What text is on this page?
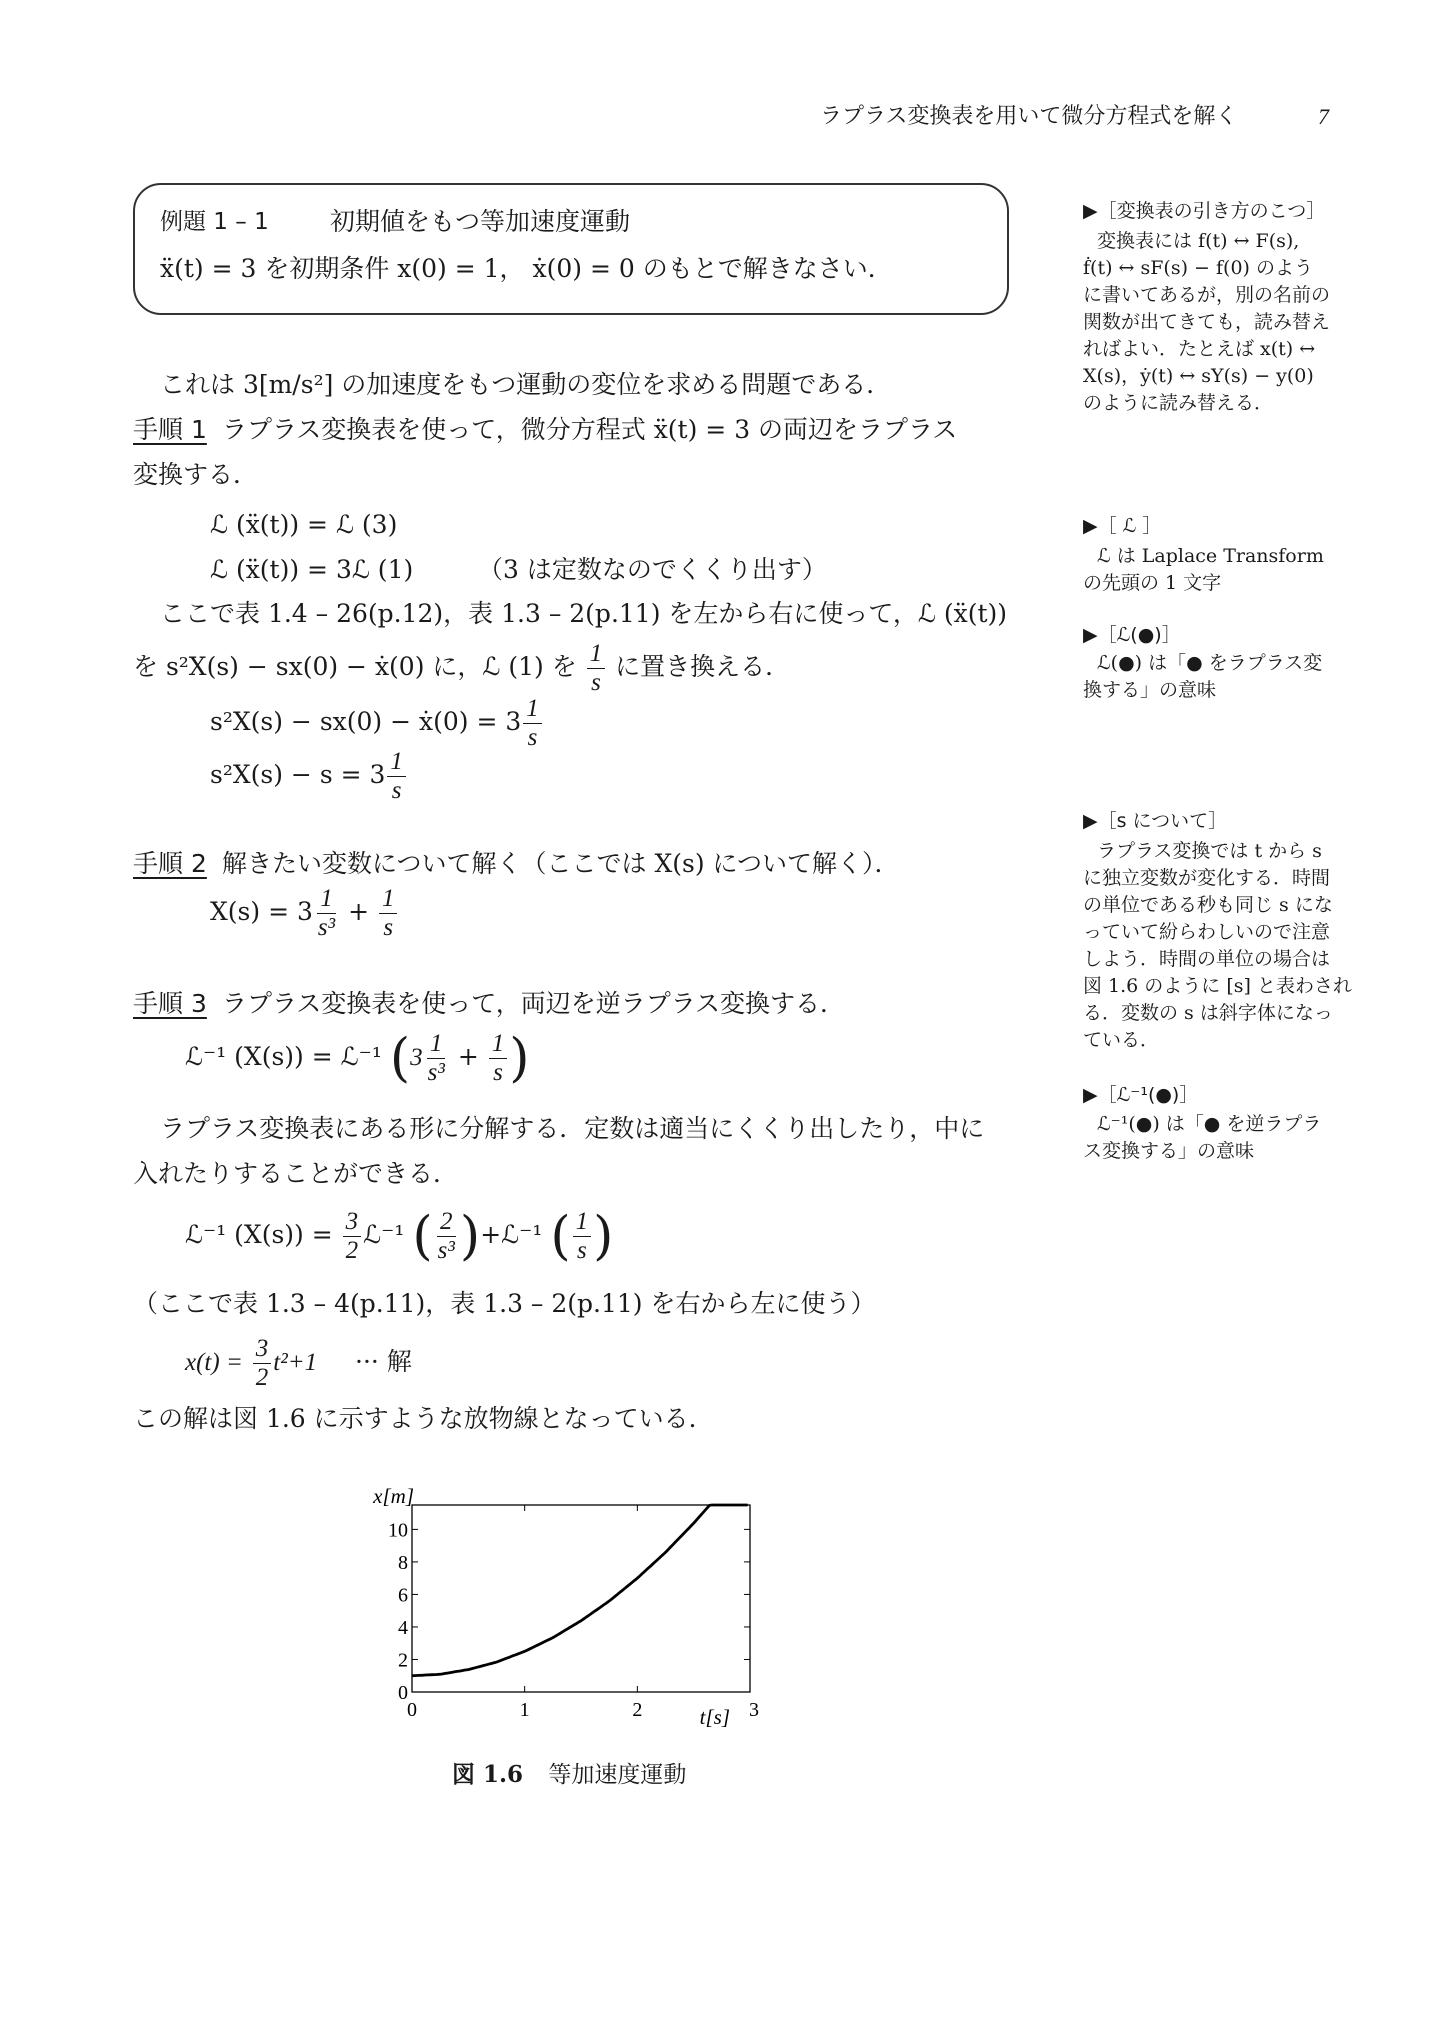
ラプラス変換表を用いて微分方程式を解く	7
例題 1 – 1 初期値をもつ等加速度運動
ẍ(t) = 3 を初期条件 x(0) = 1， ẋ(0) = 0 のもとで解きなさい．
これは 3[m/s²] の加速度をもつ運動の変位を求める問題である．
手順 1 ラプラス変換表を使って，微分方程式 ẍ(t) = 3 の両辺をラプラス
変換する．
ℒ (ẍ(t)) = ℒ (3)
ℒ (ẍ(t)) = 3ℒ (1)	（3 は定数なのでくくり出す）
ここで表 1.4 – 26(p.12)，表 1.3 – 2(p.11) を左から右に使って，ℒ (ẍ(t))
を s²X(s) − sx(0) − ẋ(0) に，ℒ (1) を $\frac{1}{s}$ に置き換える．
s²X(s) − sx(0) − ẋ(0) = $3 \frac{1}{s}$
$s^2X(s) - s = 3 \frac{1}{s}$
手順 2 解きたい変数について解く（ここでは X(s) について解く）．
$X(s) = 3 \frac{1}{\text{s³}} + \frac{1}{s}$
手順 3 ラプラス変換表を使って，両辺を逆ラプラス変換する．
ℒ⁻¹ (X(s)) = ℒ⁻¹ ($3 \frac{1}{\text{s³}} + \frac{1}{s}$ )
ラプラス変換表にある形に分解する．定数は適当にくくり出したり，中に
入れたりすることができる．
ℒ⁻¹ $(X(s)) = \frac{3}{2}$ ℒ⁻¹ ( $\frac{2}{\text{s³}}$ )+ℒ⁻¹ ( $\frac{1}{s}$ )
（ここで表 1.3 – 4(p.11)，表 1.3 – 2(p.11) を右から左に使う）
$x(t) = \frac{3}{2} t^2+1$ ··· 解
この解は図 1.6 に示すような放物線となっている．
▶［変換表の引き方のこつ］
変換表には f(t) ↔ F(s),
ḟ(t) ↔ sF(s) − f(0) のよう
に書いてあるが，別の名前の
関数が出てきても，読み替え
ればよい．たとえば x(t) ↔
X(s)，ẏ(t) ↔ sY(s) − y(0)
のように読み替える．
▶［ ℒ ］
ℒ は Laplace Transform
の先頭の 1 文字
▶［ℒ(●)］
ℒ(●) は「● をラプラス変
換する」の意味
▶［s について］
ラプラス変換では t から s
に独立変数が変化する．時間
の単位である秒も同じ s にな
っていて紛らわしいので注意
しよう．時間の単位の場合は
図 1.6 のように [s] と表わされ
る．変数の s は斜字体になっ
ている．
▶［ℒ⁻¹(●)］
ℒ⁻¹(●) は「● を逆ラプラ
ス変換する」の意味
0	1	2	3
0
2
4
6
8
10
x[m]
t[s]
図 1.6 等加速度運動
